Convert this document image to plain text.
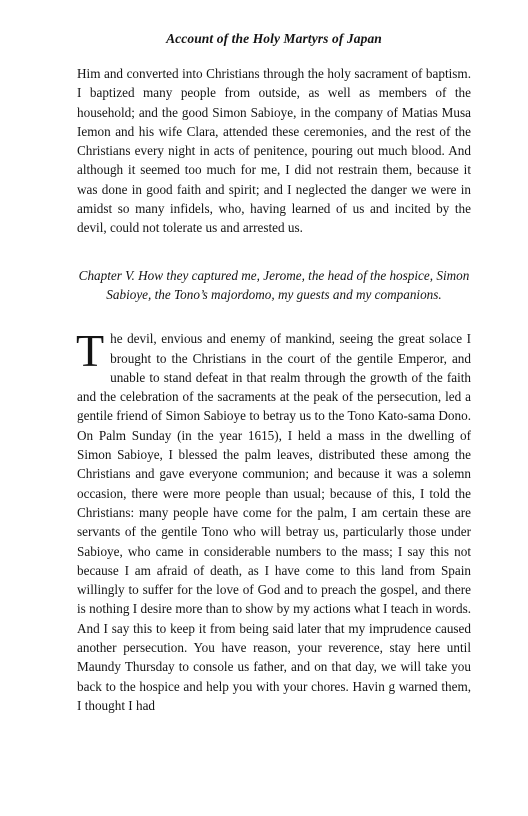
Account of the Holy Martyrs of Japan

Him and converted into Christians through the holy sacrament of baptism. I baptized many people from outside, as well as members of the household; and the good Simon Sabioye, in the company of Matias Musa Iemon and his wife Clara, attended these ceremonies, and the rest of the Christians every night in acts of penitence, pouring out much blood. And although it seemed too much for me, I did not restrain them, because it was done in good faith and spirit; and I neglected the danger we were in amidst so many infidels, who, having learned of us and incited by the devil, could not tolerate us and arrested us.

Chapter V. How they captured me, Jerome, the head of the hospice, Simon Sabioye, the Tono’s majordomo, my guests and my companions.

The devil, envious and enemy of mankind, seeing the great solace I brought to the Christians in the court of the gentile Emperor, and unable to stand defeat in that realm through the growth of the faith and the celebration of the sacraments at the peak of the persecution, led a gentile friend of Simon Sabioye to betray us to the Tono Kato-sama Dono. On Palm Sunday (in the year 1615), I held a mass in the dwelling of Simon Sabioye, I blessed the palm leaves, distributed these among the Christians and gave everyone communion; and because it was a solemn occasion, there were more people than usual; because of this, I told the Christians: many people have come for the palm, I am certain these are servants of the gentile Tono who will betray us, particularly those under Sabioye, who came in considerable numbers to the mass; I say this not because I am afraid of death, as I have come to this land from Spain willingly to suffer for the love of God and to preach the gospel, and there is nothing I desire more than to show by my actions what I teach in words. And I say this to keep it from being said later that my imprudence caused another persecution. You have reason, your reverence, stay here until Maundy Thursday to console us father, and on that day, we will take you back to the hospice and help you with your chores. Havin g warned them, I thought I had
